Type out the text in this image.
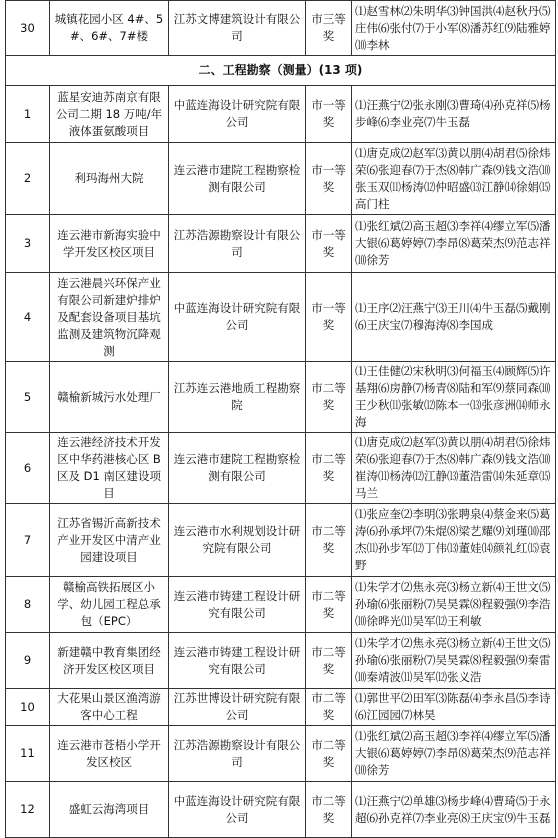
30	城镇花园小区 4#、5#、6#、7#楼	江苏文博建筑设计有限公司	市三等奖	⑴赵雪林⑵朱明华⑶钟国洪⑷赵秋丹⑸庄伟⑹张付⑺于小军⑻潘苏红⑼陆雅婷⑽李林
二、工程勘察（测量）(13 项)				
1	蓝星安迪苏南京有限公司二期 18 万吨/年液体蛋氨酸项目	中蓝连海设计研究院有限公司	市一等奖	⑴汪燕宁⑵张永刚⑶曹琦⑷孙克祥⑸杨步峰⑹李业亮⑺牛玉磊
2	利玛海州大院	连云港市建院工程勘察检测有限公司	市一等奖	⑴唐克成⑵赵军⑶黄以朋⑷胡君⑸徐炜荣⑹张迎春⑺于杰⑻韩广森⑼钱文浩⑽张玉双⑾杨涛⑿仲昭盛⒀江静⒁徐娟⒂高门柱
3	连云港市新海实验中学开发区校区项目	江苏浩源勘察设计有限公司	市一等奖	⑴张红斌⑵高玉超⑶李祥⑷缪立军⑸潘大银⑹葛婷婷⑺李昂⑻葛荣杰⑼范志祥⑽徐芳
4	连云港晨兴环保产业有限公司新建炉排炉及配套设备项目基坑监测及建筑物沉降观测	中蓝连海设计研究院有限公司	市一等奖	⑴王序⑵汪燕宁⑶王川⑷牛玉磊⑸戴刚⑹王庆宝⑺穆海涛⑻李国成
5	赣榆新城污水处理厂	江苏连云港地质工程勘察院	市二等奖	⑴王佳健⑵宋秋明⑶何福玉⑷顾辉⑸许基翔⑹房静⑺杨青⑻陆和军⑼蔡同森⑽王少秋⑾张敏⑿陈本一⒀张彦洲⒁师永海
6	连云港经济技术开发区中华药港核心区 B 区及 D1 南区建设项目	连云港市建院工程勘察检测有限公司	市二等奖	⑴唐克成⑵赵军⑶黄以朋⑷胡君⑸徐炜荣⑹张迎春⑺于杰⑻韩广森⑼钱文浩⑽崔涛⑾杨涛⑿江静⒀董浩雷⒁朱延章⒂马兰
7	江苏省锡沂高新技术产业开发区中清产业园建设项目	连云港市水利规划设计研究院有限公司	市二等奖	⑴张应奎⑵李明⑶张聘泉⑷蔡金来⑸葛涛⑹孙承坪⑺朱焜⑻梁艺耀⑼刘瑾⑽邵杰⑾孙步军⑿丁伟⒀董娃⒁颜礼红⒂袁野
8	赣榆高铁拓展区小学、幼儿园工程总承包（EPC）	连云港市铸建工程设计研究有限公司	市二等奖	⑴朱学才⑵焦永亮⑶杨立新⑷王世文⑸孙瑜⑹张丽粉⑺吴昊霖⑻程毅强⑼李浩⑽徐晔光⑾吴军⑿王利敏
9	新建赣中教育集团经济开发区校区项目	连云港市铸建工程设计研究有限公司	市二等奖	⑴朱学才⑵焦永亮⑶杨立新⑷王世文⑸孙瑜⑹张丽粉⑺吴昊霖⑻程毅强⑼秦雷⑽秦靖波⑾吴军⑿张义浩
10	大花果山景区渔湾游客中心工程	江苏世博设计研究院有限公司	市二等奖	⑴郭世平⑵田军⑶陈磊⑷李永昌⑸李诗⑹江园园⑺林昊
11	连云港市苍梧小学开发区校区	江苏浩源勘察设计有限公司	市二等奖	⑴张红斌⑵高玉超⑶李祥⑷缪立军⑸潘大银⑹葛婷婷⑺李昂⑻葛荣杰⑼范志祥⑽徐芳
12	盛虹云海湾项目	中蓝连海设计研究院有限公司	市二等奖	⑴汪燕宁⑵单雄⑶杨步峰⑷曹琦⑸于永超⑹孙克祥⑺李业亮⑻王庆宝⑼牛玉磊
